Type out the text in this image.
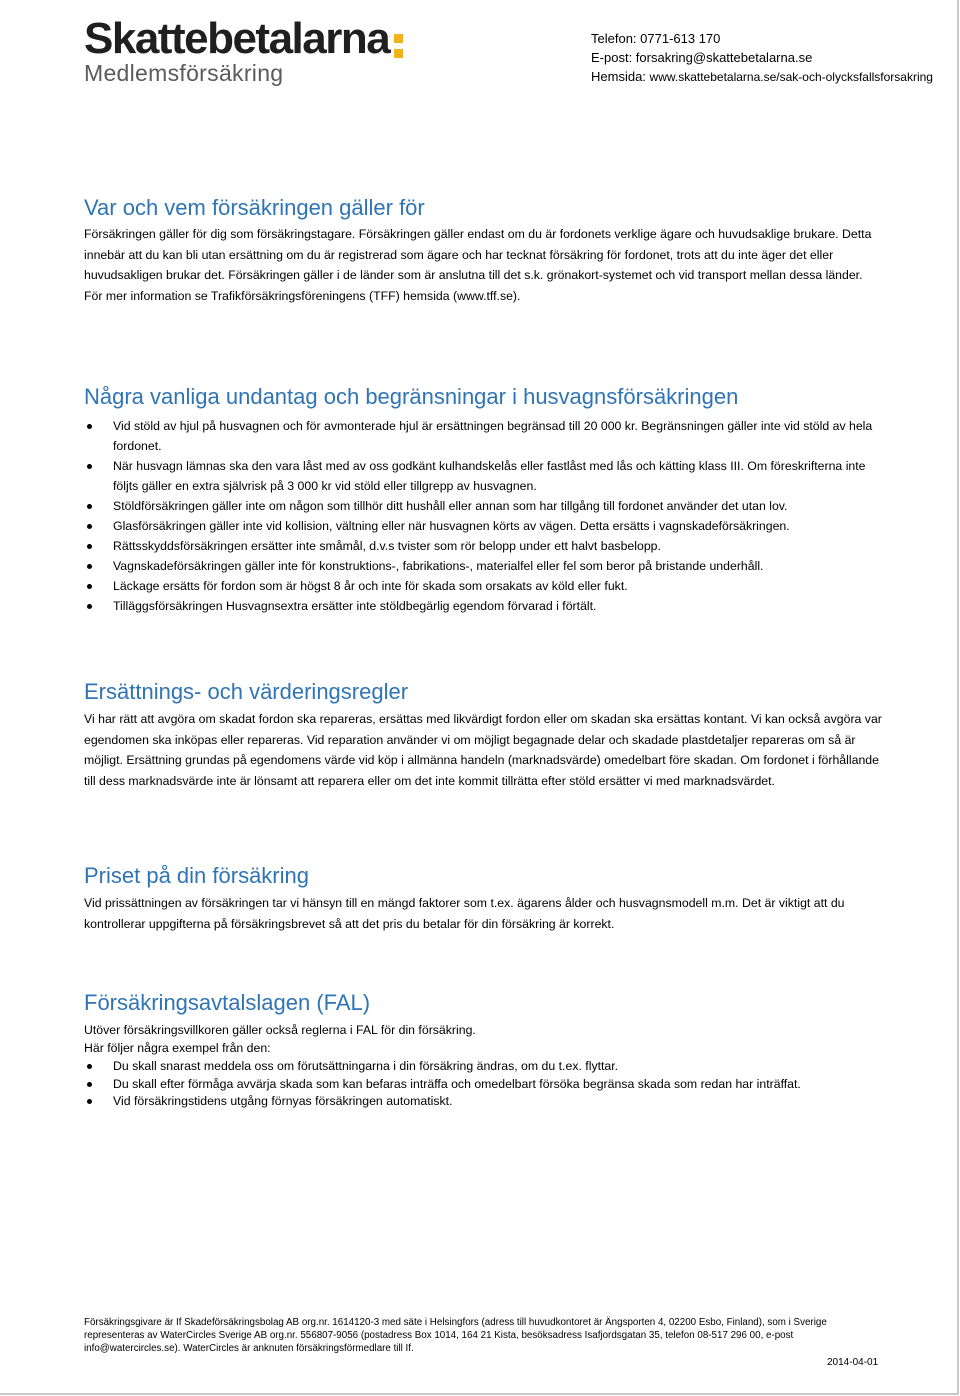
Skattebetalarna
Medlemsförsäkring
Telefon: 0771-613 170
E-post: forsakring@skattebetalarna.se
Hemsida: www.skattebetalarna.se/sak-och-olycksfallsforsakring
Var och vem försäkringen gäller för

Försäkringen gäller för dig som försäkringstagare. Försäkringen gäller endast om du är fordonets verklige ägare och huvudsaklige brukare. Detta innebär att du kan bli utan ersättning om du är registrerad som ägare och har tecknat försäkring för fordonet, trots att du inte äger det eller huvudsakligen brukar det. Försäkringen gäller i de länder som är anslutna till det s.k. grönakort-systemet och vid transport mellan dessa länder. För mer information se Trafikförsäkringsföreningens (TFF) hemsida (www.tff.se).

Några vanliga undantag och begränsningar i husvagnsförsäkringen
Vid stöld av hjul på husvagnen och för avmonterade hjul är ersättningen begränsad till 20 000 kr. Begränsningen gäller inte vid stöld av hela fordonet.
När husvagn lämnas ska den vara låst med av oss godkänt kulhandskelås eller fastlåst med lås och kätting klass III. Om föreskrifterna inte följts gäller en extra självrisk på 3 000 kr vid stöld eller tillgrepp av husvagnen.
Stöldförsäkringen gäller inte om någon som tillhör ditt hushåll eller annan som har tillgång till fordonet använder det utan lov.
Glasförsäkringen gäller inte vid kollision, vältning eller när husvagnen körts av vägen. Detta ersätts i vagnskadeförsäkringen.
Rättsskyddsförsäkringen ersätter inte småmål, d.v.s tvister som rör belopp under ett halvt basbelopp.
Vagnskadeförsäkringen gäller inte för konstruktions-, fabrikations-, materialfel eller fel som beror på bristande underhåll.
Läckage ersätts för fordon som är högst 8 år och inte för skada som orsakats av köld eller fukt.
Tilläggsförsäkringen Husvagnsextra ersätter inte stöldbegärlig egendom förvarad i förtält.
Ersättnings- och värderingsregler

Vi har rätt att avgöra om skadat fordon ska repareras, ersättas med likvärdigt fordon eller om skadan ska ersättas kontant. Vi kan också avgöra var egendomen ska inköpas eller repareras. Vid reparation använder vi om möjligt begagnade delar och skadade plastdetaljer repareras om så är möjligt. Ersättning grundas på egendomens värde vid köp i allmänna handeln (marknadsvärde) omedelbart före skadan. Om fordonet i förhållande till dess marknadsvärde inte är lönsamt att reparera eller om det inte kommit tillrätta efter stöld ersätter vi med marknadsvärdet.

Priset på din försäkring

Vid prissättningen av försäkringen tar vi hänsyn till en mängd faktorer som t.ex. ägarens ålder och husvagnsmodell m.m. Det är viktigt att du kontrollerar uppgifterna på försäkringsbrevet så att det pris du betalar för din försäkring är korrekt.

Försäkringsavtalslagen (FAL)

Utöver försäkringsvillkoren gäller också reglerna i FAL för din försäkring.

Här följer några exempel från den:

Du skall snarast meddela oss om förutsättningarna i din försäkring ändras, om du t.ex. flyttar.
Du skall efter förmåga avvärja skada som kan befaras inträffa och omedelbart försöka begränsa skada som redan har inträffat.
Vid försäkringstidens utgång förnyas försäkringen automatiskt.
Försäkringsgivare är If Skadeförsäkringsbolag AB org.nr. 1614120-3 med säte i Helsingfors (adress till huvudkontoret är Ängsporten 4, 02200 Esbo, Finland), som i Sverige representeras av WaterCircles Sverige AB org.nr. 556807-9056 (postadress Box 1014, 164 21 Kista, besöksadress Isafjordsgatan 35, telefon 08-517 296 00, e-post info@watercircles.se). WaterCircles är anknuten försäkringsförmedlare till If.
2014-04-01
